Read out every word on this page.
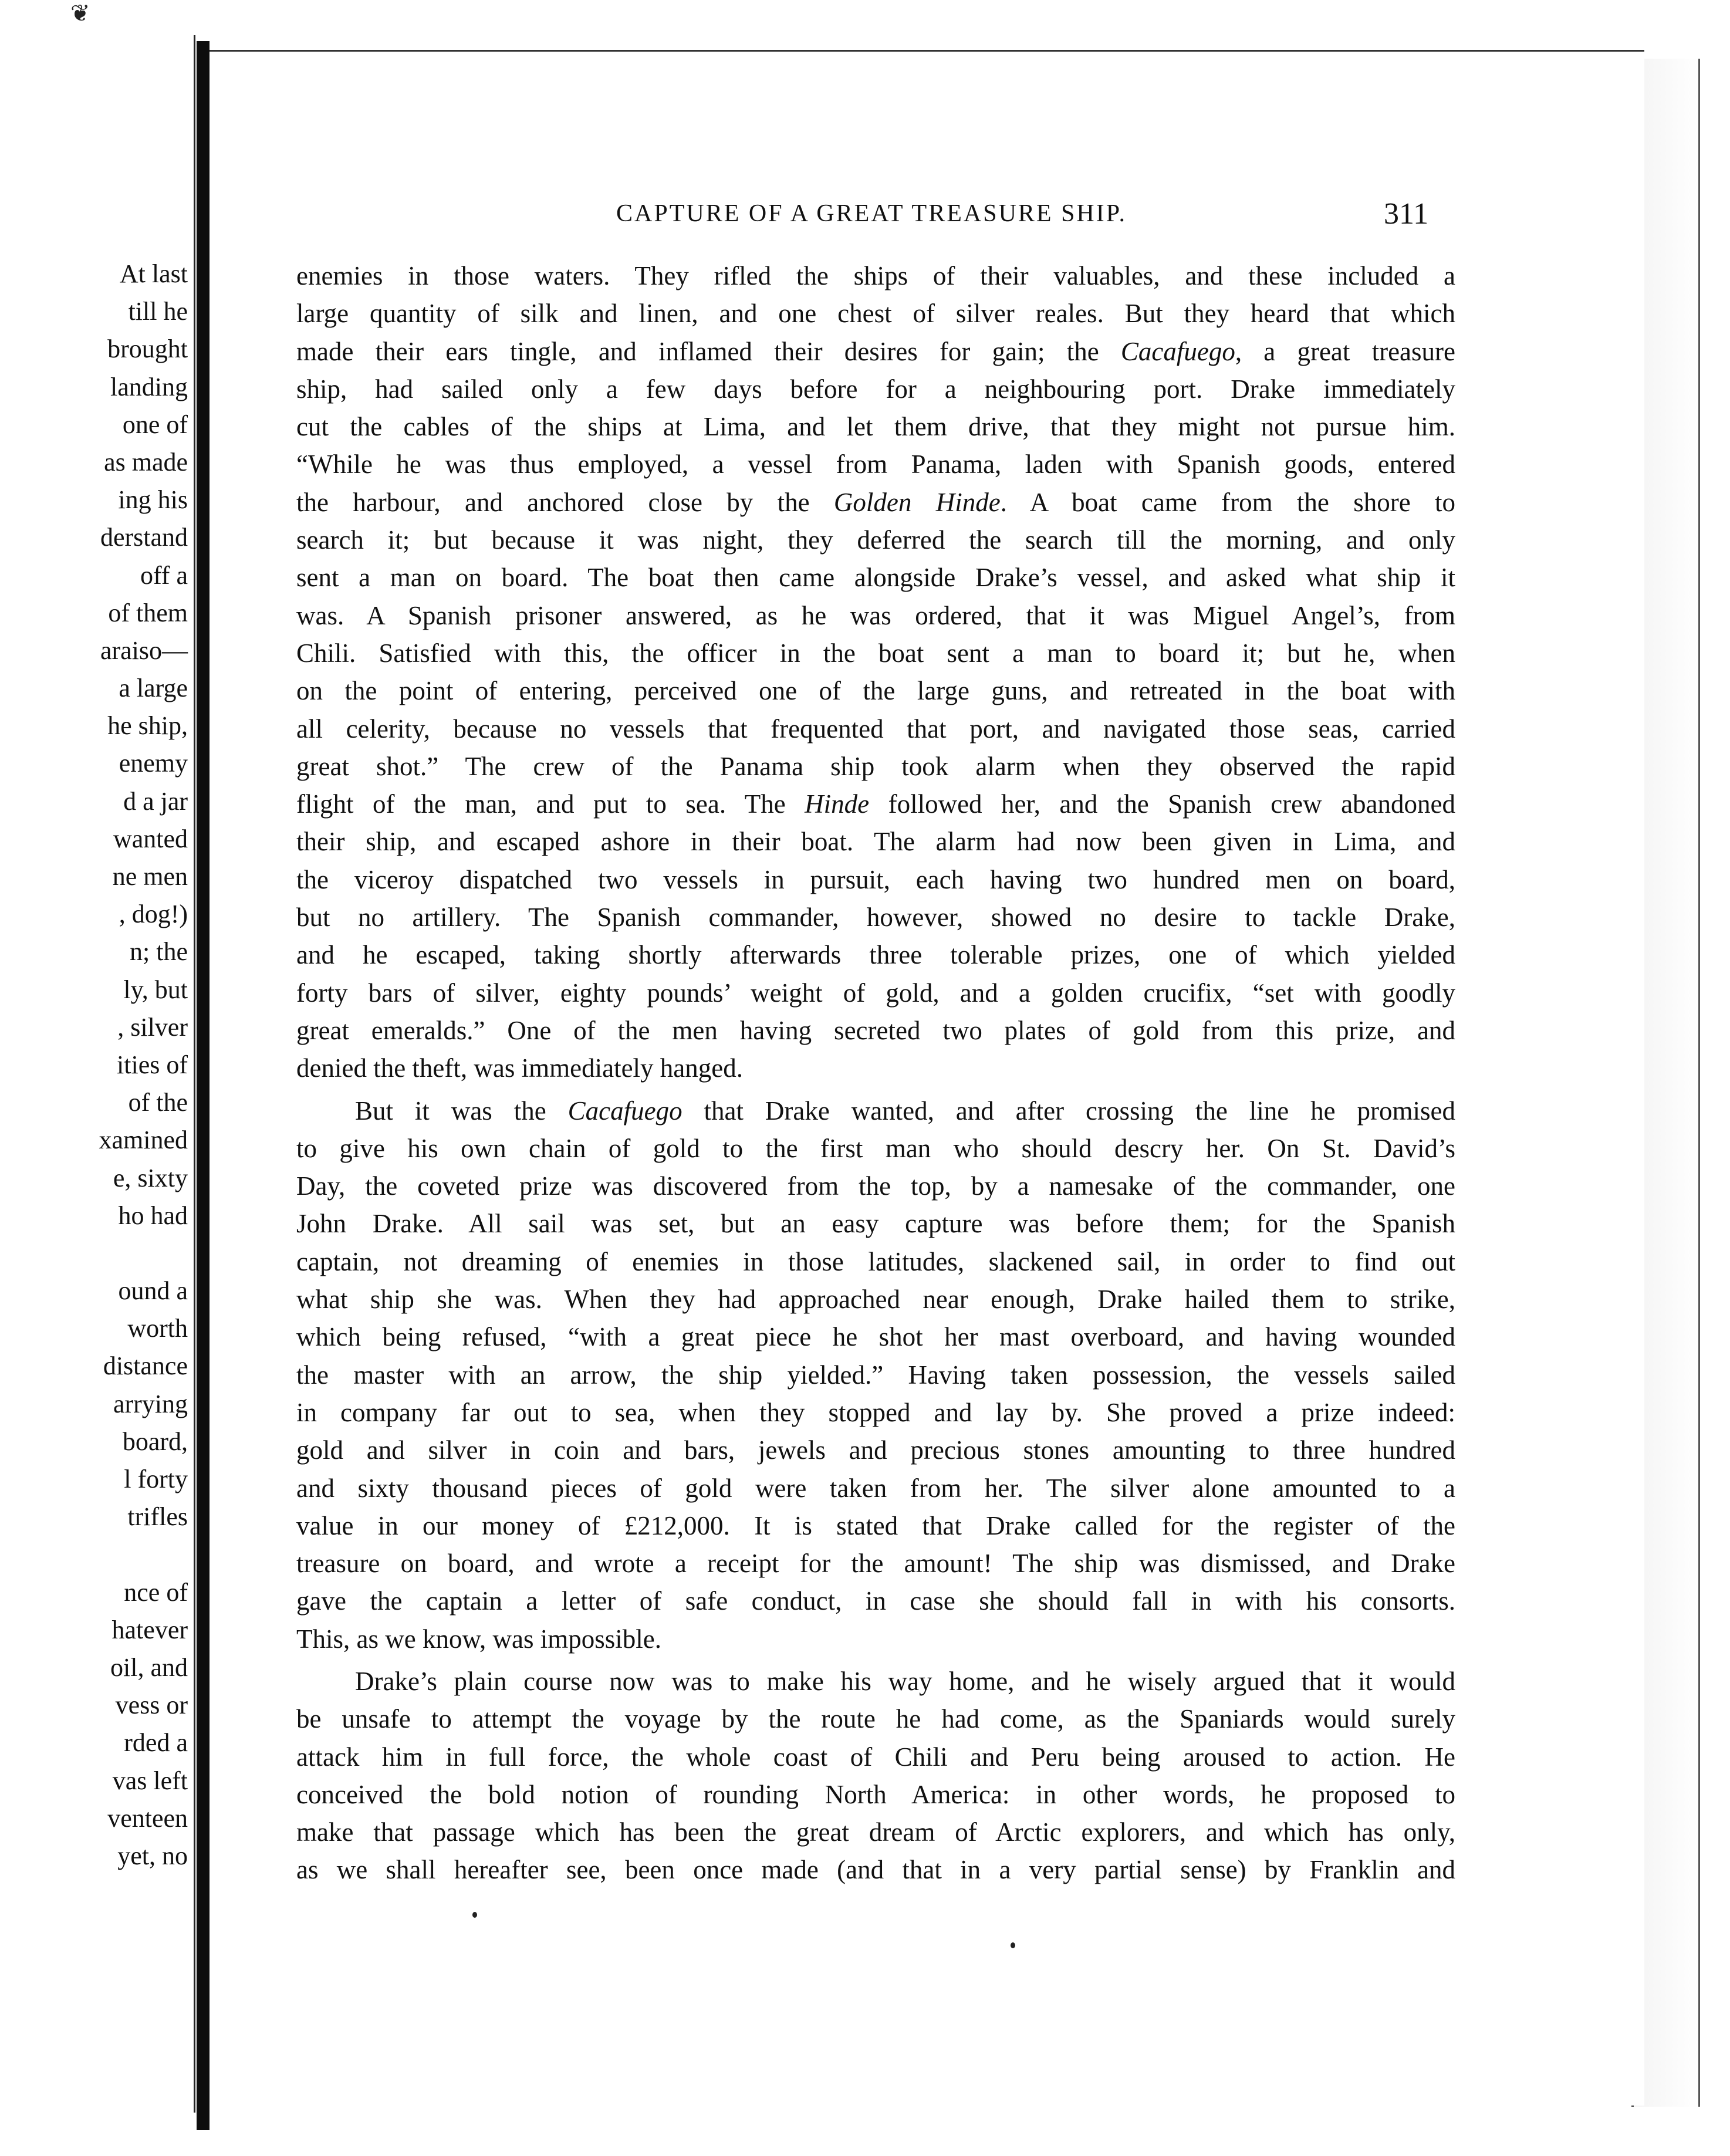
❦
At last
till he
brought
landing
one of
as made
ing his
derstand
off a
of them
araiso—
a large
he ship,
enemy
d a jar
wanted
ne men
, dog!)
n; the
ly, but
, silver
ities of
of the
xamined
e, sixty
ho had
ound a
worth
distance
arrying
board,
l forty
trifles
nce of
hatever
oil, and
vess or
rded a
vas left
venteen
yet, no
CAPTURE OF A GREAT TREASURE SHIP.	311
enemies in those waters. They rifled the ships of their valuables, and these included a
large quantity of silk and linen, and one chest of silver reales. But they heard that which
made their ears tingle, and inflamed their desires for gain; the Cacafuego, a great treasure
ship, had sailed only a few days before for a neighbouring port. Drake immediately
cut the cables of the ships at Lima, and let them drive, that they might not pursue him.
“While he was thus employed, a vessel from Panama, laden with Spanish goods, entered
the harbour, and anchored close by the Golden Hinde. A boat came from the shore to
search it; but because it was night, they deferred the search till the morning, and only
sent a man on board. The boat then came alongside Drake’s vessel, and asked what ship it
was. A Spanish prisoner answered, as he was ordered, that it was Miguel Angel’s, from
Chili. Satisfied with this, the officer in the boat sent a man to board it; but he, when
on the point of entering, perceived one of the large guns, and retreated in the boat with
all celerity, because no vessels that frequented that port, and navigated those seas, carried
great shot.” The crew of the Panama ship took alarm when they observed the rapid
flight of the man, and put to sea. The Hinde followed her, and the Spanish crew abandoned
their ship, and escaped ashore in their boat. The alarm had now been given in Lima, and
the viceroy dispatched two vessels in pursuit, each having two hundred men on board,
but no artillery. The Spanish commander, however, showed no desire to tackle Drake,
and he escaped, taking shortly afterwards three tolerable prizes, one of which yielded
forty bars of silver, eighty pounds’ weight of gold, and a golden crucifix, “set with goodly
great emeralds.” One of the men having secreted two plates of gold from this prize, and
denied the theft, was immediately hanged.
But it was the Cacafuego that Drake wanted, and after crossing the line he promised
to give his own chain of gold to the first man who should descry her. On St. David’s
Day, the coveted prize was discovered from the top, by a namesake of the commander, one
John Drake. All sail was set, but an easy capture was before them; for the Spanish
captain, not dreaming of enemies in those latitudes, slackened sail, in order to find out
what ship she was. When they had approached near enough, Drake hailed them to strike,
which being refused, “with a great piece he shot her mast overboard, and having wounded
the master with an arrow, the ship yielded.” Having taken possession, the vessels sailed
in company far out to sea, when they stopped and lay by. She proved a prize indeed:
gold and silver in coin and bars, jewels and precious stones amounting to three hundred
and sixty thousand pieces of gold were taken from her. The silver alone amounted to a
value in our money of £212,000. It is stated that Drake called for the register of the
treasure on board, and wrote a receipt for the amount! The ship was dismissed, and Drake
gave the captain a letter of safe conduct, in case she should fall in with his consorts.
This, as we know, was impossible.
Drake’s plain course now was to make his way home, and he wisely argued that it would
be unsafe to attempt the voyage by the route he had come, as the Spaniards would surely
attack him in full force, the whole coast of Chili and Peru being aroused to action. He
conceived the bold notion of rounding North America: in other words, he proposed to
make that passage which has been the great dream of Arctic explorers, and which has only,
as we shall hereafter see, been once made (and that in a very partial sense) by Franklin and
